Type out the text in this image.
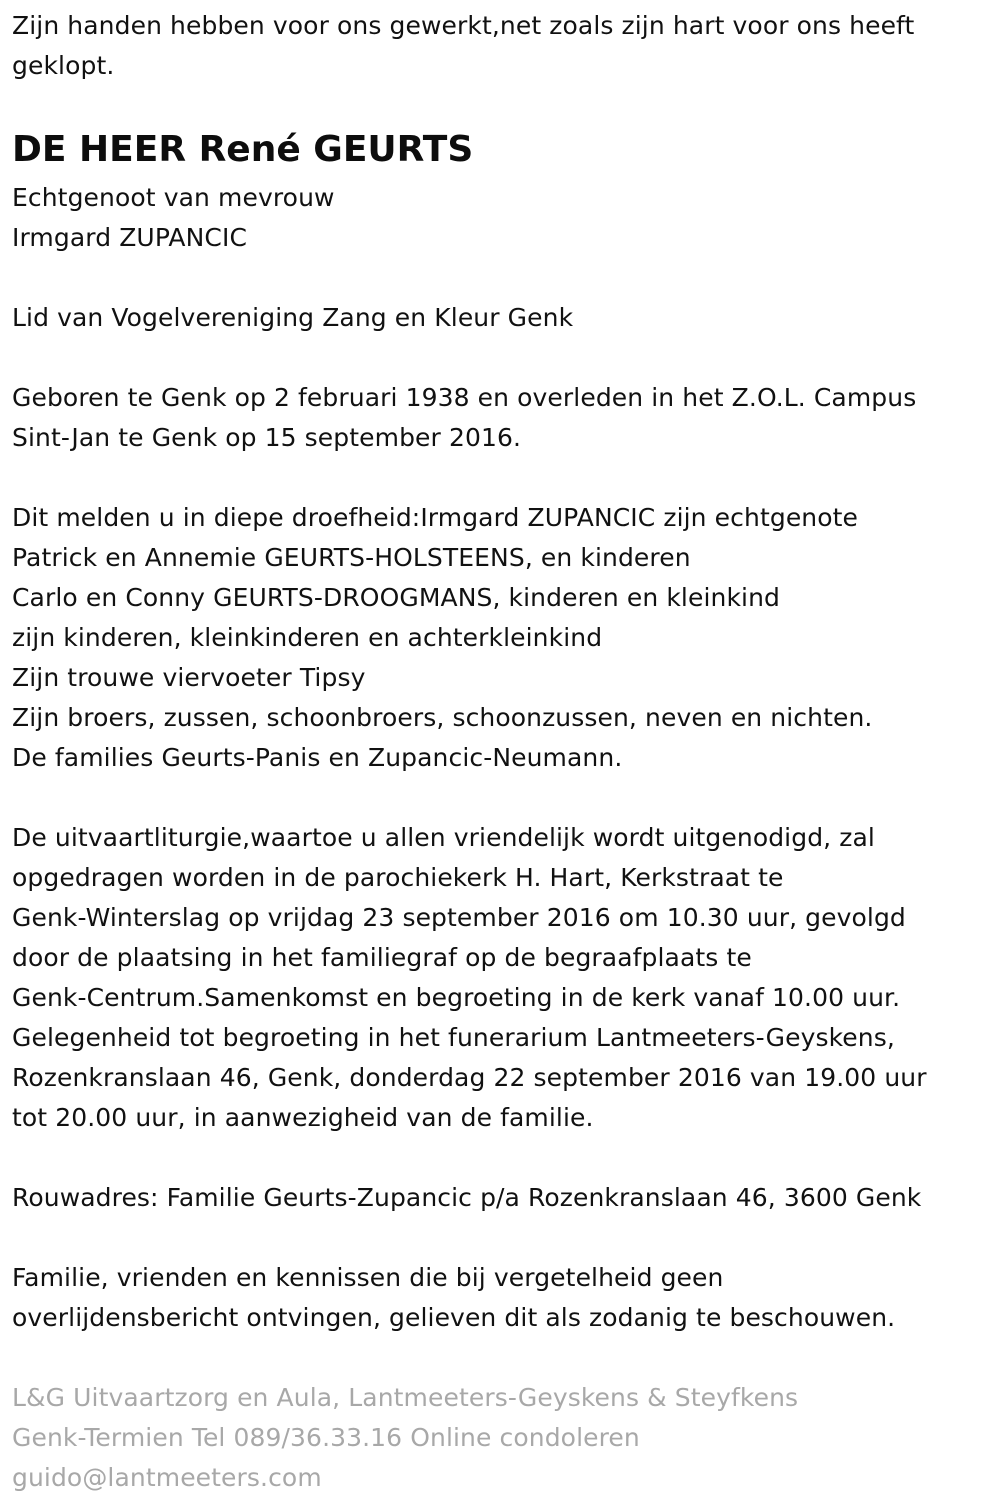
Zijn handen hebben voor ons gewerkt,net zoals zijn hart voor ons heeft
geklopt.
DE HEER René GEURTS
Echtgenoot van mevrouw
Irmgard ZUPANCIC
Lid van Vogelvereniging Zang en Kleur Genk
Geboren te Genk op 2 februari 1938 en overleden in het Z.O.L. Campus
Sint-Jan te Genk op 15 september 2016.
Dit melden u in diepe droefheid:Irmgard ZUPANCIC zijn echtgenote
Patrick en Annemie GEURTS-HOLSTEENS, en kinderen
Carlo en Conny GEURTS-DROOGMANS, kinderen en kleinkind
zijn kinderen, kleinkinderen en achterkleinkind
Zijn trouwe viervoeter Tipsy
Zijn broers, zussen, schoonbroers, schoonzussen, neven en nichten.
De families Geurts-Panis en Zupancic-Neumann.
De uitvaartliturgie,waartoe u allen vriendelijk wordt uitgenodigd, zal
opgedragen worden in de parochiekerk H. Hart, Kerkstraat te
Genk-Winterslag op vrijdag 23 september 2016 om 10.30 uur, gevolgd
door de plaatsing in het familiegraf op de begraafplaats te
Genk-Centrum.Samenkomst en begroeting in de kerk vanaf 10.00 uur.
Gelegenheid tot begroeting in het funerarium Lantmeeters-Geyskens,
Rozenkranslaan 46, Genk, donderdag 22 september 2016 van 19.00 uur
tot 20.00 uur, in aanwezigheid van de familie.
Rouwadres: Familie Geurts-Zupancic p/a Rozenkranslaan 46, 3600 Genk
Familie, vrienden en kennissen die bij vergetelheid geen
overlijdensbericht ontvingen, gelieven dit als zodanig te beschouwen.
L&G Uitvaartzorg en Aula, Lantmeeters-Geyskens & Steyfkens
Genk-Termien Tel 089/36.33.16 Online condoleren
guido@lantmeeters.com
